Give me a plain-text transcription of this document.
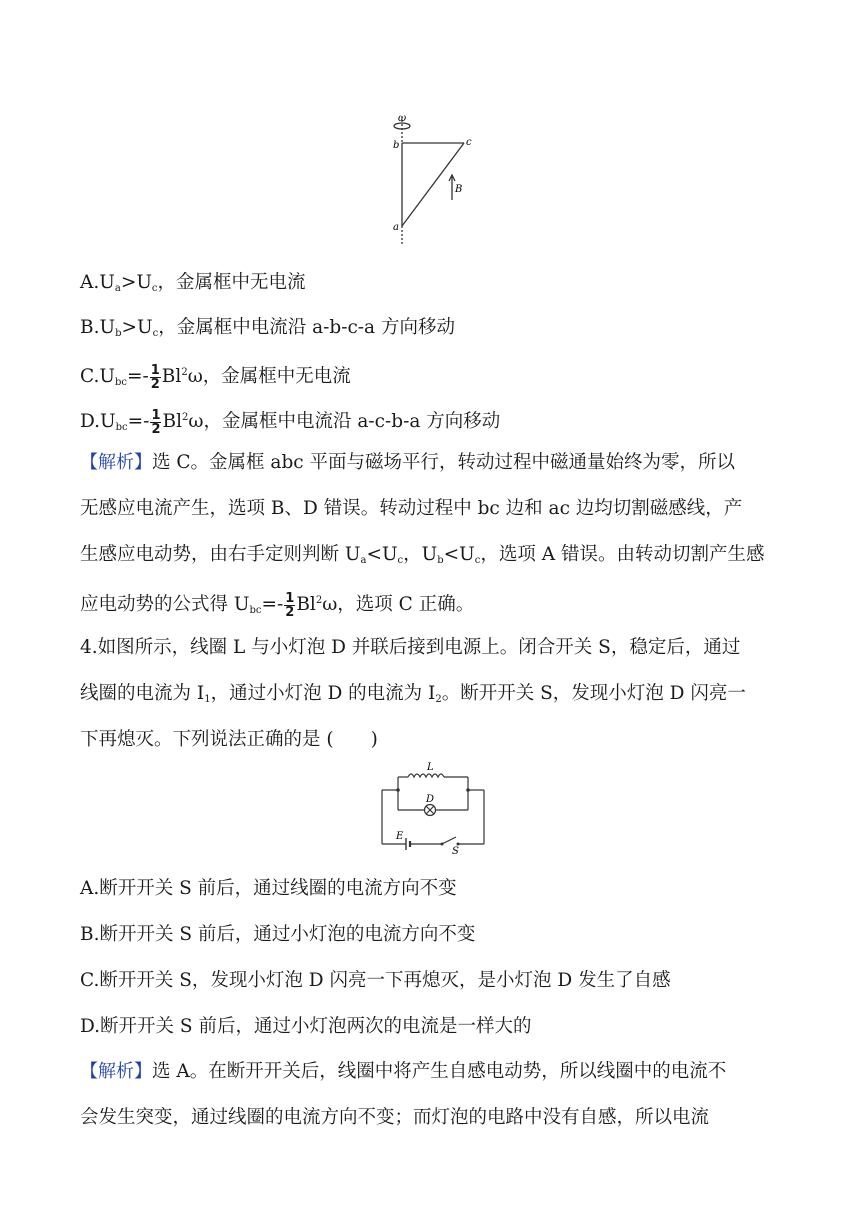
ω
b	c
a
B
$A.U_a>U_c$，金属框中无电流
$B.U_b>U_c$，金属框中电流沿 a-b-c-a 方向移动
$C.U_{bc}=- \frac{1}{2} Bl^2\omega$，金属框中无电流
$D.U_{bc}=- \frac{1}{2} Bl^2\omega$，金属框中电流沿 a-c-b-a 方向移动
【解析】选 C。金属框 abc 平面与磁场平行，转动过程中磁通量始终为零，所以
无感应电流产生，选项 B、D 错误。转动过程中 bc 边和 ac 边均切割磁感线，产
生感应电动势，由右手定则判断 $U_a<U_c$，$U_b<U_c$，选项 A 错误。由转动切割产生感
应电动势的公式得 $U_{bc}=- \frac{1}{2} Bl^2\omega$，选项 C 正确。
4.如图所示，线圈 L 与小灯泡 D 并联后接到电源上。闭合开关 S，稳定后，通过
线圈的电流为 $I_1$，通过小灯泡 D 的电流为 $I_2$。断开开关 S，发现小灯泡 D 闪亮一
下再熄灭。下列说法正确的是 (　　)
L
D
E
S
A.断开开关 S 前后，通过线圈的电流方向不变
B.断开开关 S 前后，通过小灯泡的电流方向不变
C.断开开关 S，发现小灯泡 D 闪亮一下再熄灭，是小灯泡 D 发生了自感
D.断开开关 S 前后，通过小灯泡两次的电流是一样大的
【解析】选 A。在断开开关后，线圈中将产生自感电动势，所以线圈中的电流不
会发生突变，通过线圈的电流方向不变；而灯泡的电路中没有自感，所以电流
